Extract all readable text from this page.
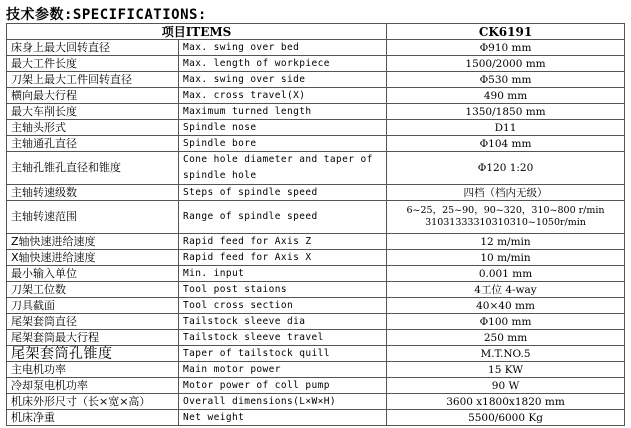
技术参数:SPECIFICATIONS:
项目ITEMS		CK6191
床身上最大回转直径	Max. swing over bed	Φ910 mm
最大工件长度	Max. length of workpiece	1500/2000 mm
刀架上最大工件回转直径	Max. swing over side	Φ530 mm
横向最大行程	Max. cross travel(X)	490 mm
最大车削长度	Maximum turned length	1350/1850 mm
主轴头形式	Spindle nose	D11
主轴通孔直径	Spindle bore	Φ104 mm
主轴孔锥孔直径和锥度	Cone hole diameter and taper of spindle hole	Φ120 1:20
主轴转速级数	Steps of spindle speed	四档（档内无级）
主轴转速范围	Range of spindle speed	6~25，25~90，90~320，310~800 r/min 31031333310310310~1050r/min
Z轴快速进给速度	Rapid feed for Axis Z	12 m/min
X轴快速进给速度	Rapid feed for Axis X	10 m/min
最小输入单位	Min. input	0.001 mm
刀架工位数	Tool post staions	4工位 4-way
刀具截面	Tool cross section	40×40 mm
尾架套筒直径	Tailstock sleeve dia	Φ100 mm
尾架套筒最大行程	Tailstock sleeve travel	250 mm
尾架套筒孔锥度	Taper of tailstock quill	M.T.NO.5
主电机功率	Main motor power	15 KW
冷却泵电机功率	Motor power of coll pump	90 W
机床外形尺寸（长×宽×高）	Overall dimensions(L×W×H)	3600 x1800x1820 mm
机床净重	Net weight	5500/6000 Kg
